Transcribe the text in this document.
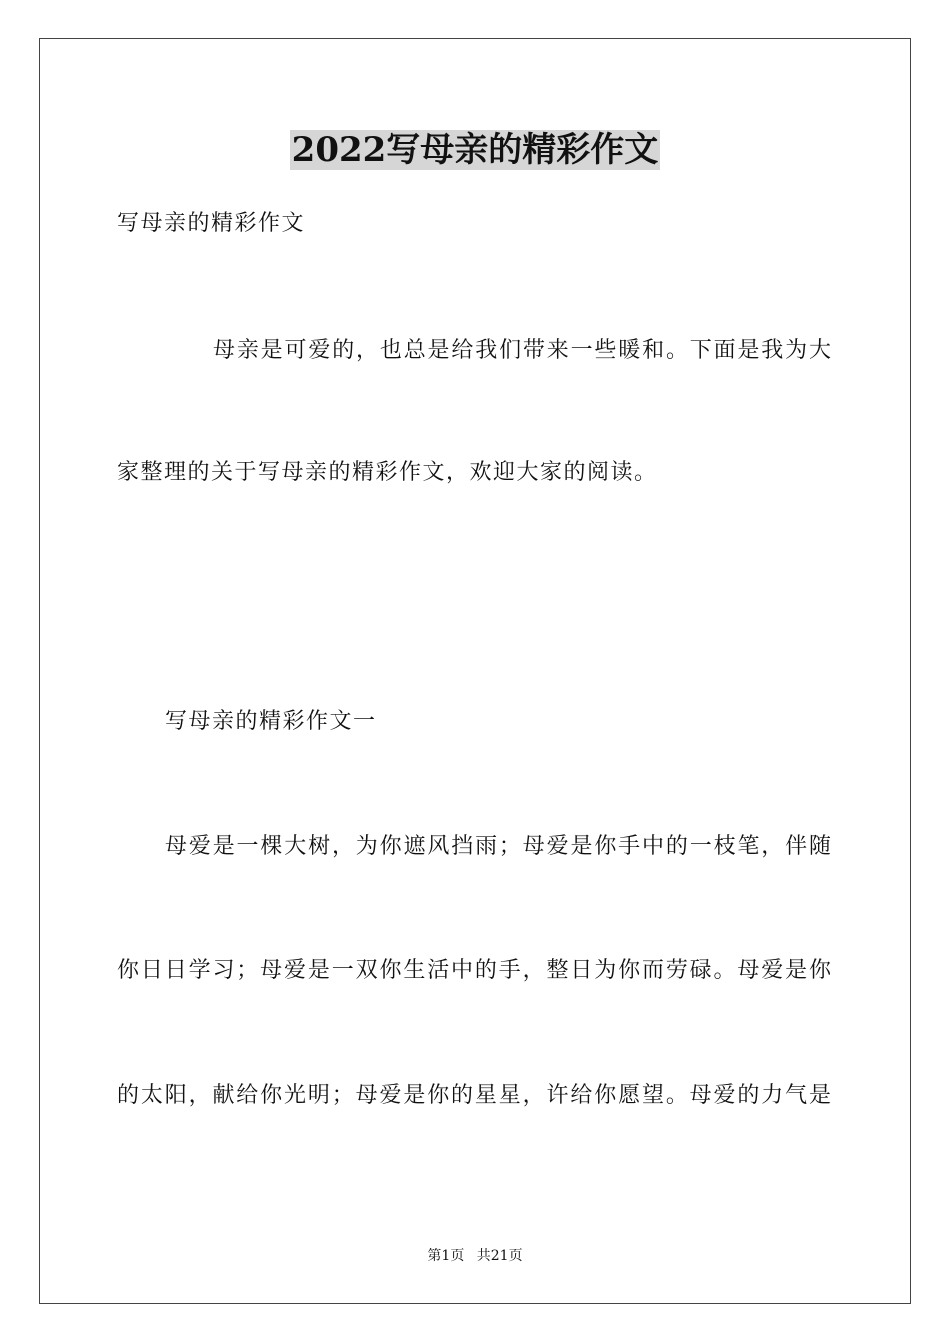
2022写母亲的精彩作文
写母亲的精彩作文
母亲是可爱的，也总是给我们带来一些暖和。下面是我为大
家整理的关于写母亲的精彩作文，欢迎大家的阅读。
写母亲的精彩作文一
母爱是一棵大树，为你遮风挡雨；母爱是你手中的一枝笔，伴随
你日日学习；母爱是一双你生活中的手，整日为你而劳碌。母爱是你
的太阳，献给你光明；母爱是你的星星，许给你愿望。母爱的力气是
第1页 共21页
